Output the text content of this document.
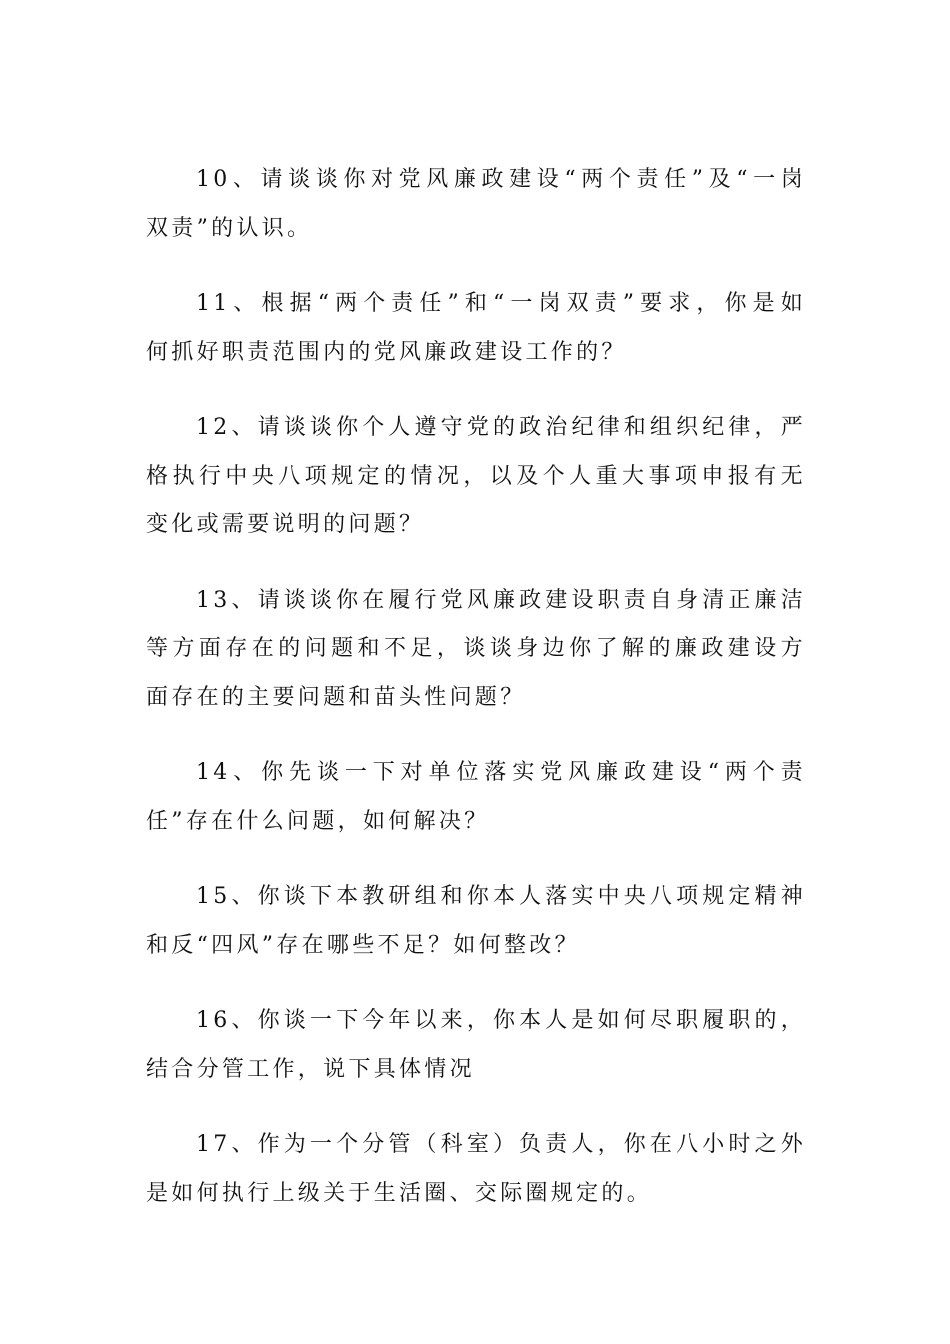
10、请谈谈你对党风廉政建设“两个责任”及“一岗
双责”的认识。
11、根据“两个责任”和“一岗双责”要求，你是如
何抓好职责范围内的党风廉政建设工作的？
12、请谈谈你个人遵守党的政治纪律和组织纪律，严
格执行中央八项规定的情况，以及个人重大事项申报有无
变化或需要说明的问题？
13、请谈谈你在履行党风廉政建设职责自身清正廉洁
等方面存在的问题和不足，谈谈身边你了解的廉政建设方
面存在的主要问题和苗头性问题？
14、你先谈一下对单位落实党风廉政建设“两个责
任”存在什么问题，如何解决？
15、你谈下本教研组和你本人落实中央八项规定精神
和反“四风”存在哪些不足？如何整改？
16、你谈一下今年以来，你本人是如何尽职履职的，
结合分管工作，说下具体情况
17、作为一个分管（科室）负责人，你在八小时之外
是如何执行上级关于生活圈、交际圈规定的。
